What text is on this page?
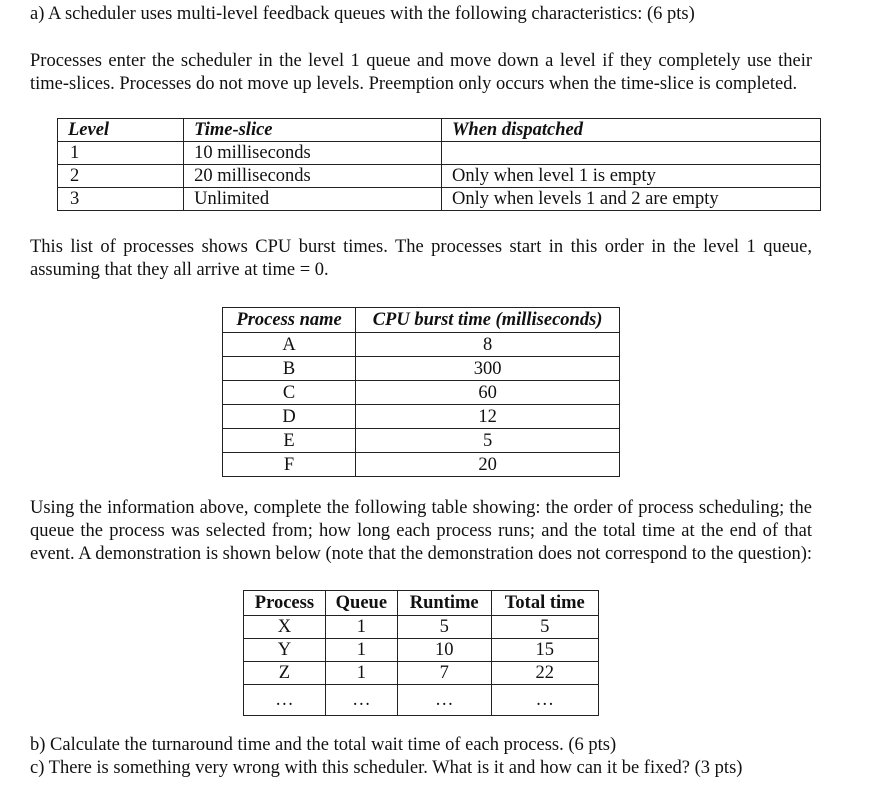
a) A scheduler uses multi-level feedback queues with the following characteristics: (6 pts)

Processes enter the scheduler in the level 1 queue and move down a level if they completely use their time-slices. Processes do not move up levels. Preemption only occurs when the time-slice is completed.

Level	Time-slice	When dispatched
1	10 milliseconds	
2	20 milliseconds	Only when level 1 is empty
3	Unlimited	Only when levels 1 and 2 are empty

This list of processes shows CPU burst times. The processes start in this order in the level 1 queue, assuming that they all arrive at time = 0.

Process name	CPU burst time (milliseconds)
A	8
B	300
C	60
D	12
E	5
F	20

Using the information above, complete the following table showing: the order of process scheduling; the queue the process was selected from; how long each process runs; and the total time at the end of that event. A demonstration is shown below (note that the demonstration does not correspond to the question):

Process	Queue	Runtime	Total time
X	1	5	5
Y	1	10	15
Z	1	7	22
…	…	…	…

b) Calculate the turnaround time and the total wait time of each process. (6 pts)

c) There is something very wrong with this scheduler. What is it and how can it be fixed? (3 pts)
